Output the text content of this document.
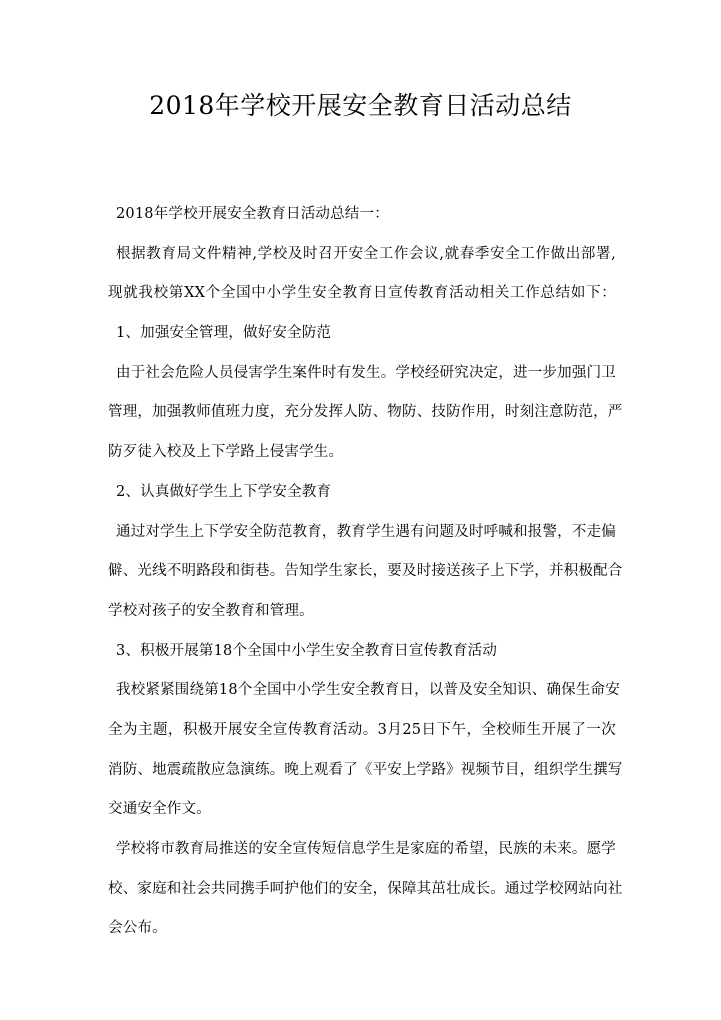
2018年学校开展安全教育日活动总结

2018年学校开展安全教育日活动总结一：

根据教育局文件精神,学校及时召开安全工作会议,就春季安全工作做出部署,

现就我校第XX个全国中小学生安全教育日宣传教育活动相关工作总结如下：

1、加强安全管理，做好安全防范

由于社会危险人员侵害学生案件时有发生。学校经研究决定，进一步加强门卫

管理，加强教师值班力度，充分发挥人防、物防、技防作用，时刻注意防范，严

防歹徒入校及上下学路上侵害学生。

2、认真做好学生上下学安全教育

通过对学生上下学安全防范教育，教育学生遇有问题及时呼喊和报警，不走偏

僻、光线不明路段和街巷。告知学生家长，要及时接送孩子上下学，并积极配合

学校对孩子的安全教育和管理。

3、积极开展第18个全国中小学生安全教育日宣传教育活动

我校紧紧围绕第18个全国中小学生安全教育日，以普及安全知识、确保生命安

全为主题，积极开展安全宣传教育活动。3月25日下午，全校师生开展了一次

消防、地震疏散应急演练。晚上观看了《平安上学路》视频节目，组织学生撰写

交通安全作文。

学校将市教育局推送的安全宣传短信息学生是家庭的希望，民族的未来。愿学

校、家庭和社会共同携手呵护他们的安全，保障其茁壮成长。通过学校网站向社

会公布。
